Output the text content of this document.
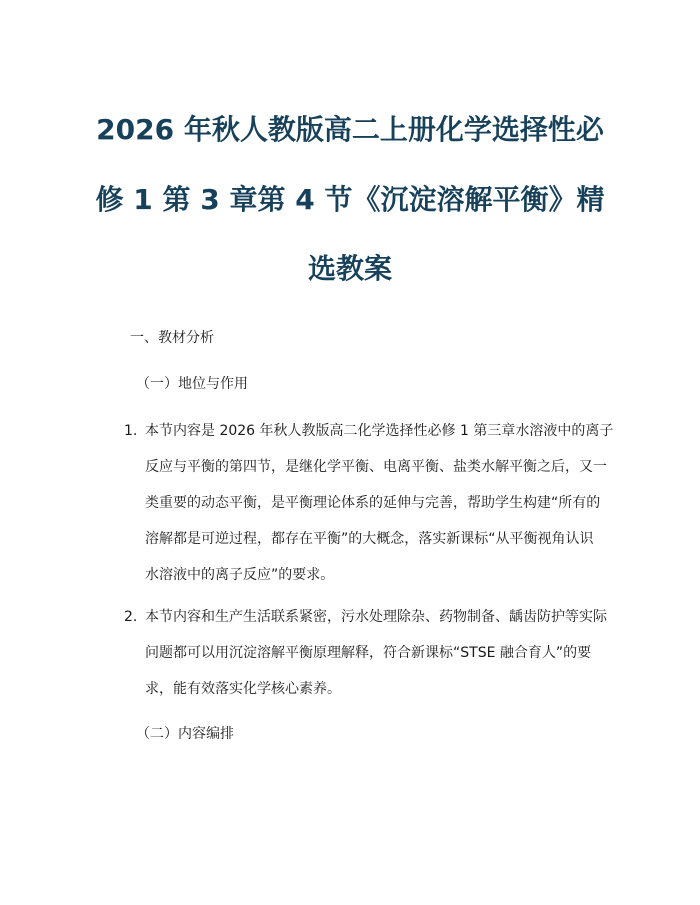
2026 年秋人教版高二上册化学选择性必
修 1 第 3 章第 4 节《沉淀溶解平衡》精
选教案
一、教材分析
（一）地位与作用
1. 本节内容是 2026 年秋人教版高二化学选择性必修 1 第三章水溶液中的离子
反应与平衡的第四节，是继化学平衡、电离平衡、盐类水解平衡之后，又一
类重要的动态平衡，是平衡理论体系的延伸与完善，帮助学生构建“所有的
溶解都是可逆过程，都存在平衡”的大概念，落实新课标“从平衡视角认识
水溶液中的离子反应”的要求。
2. 本节内容和生产生活联系紧密，污水处理除杂、药物制备、龋齿防护等实际
问题都可以用沉淀溶解平衡原理解释，符合新课标“STSE 融合育人”的要
求，能有效落实化学核心素养。
（二）内容编排
